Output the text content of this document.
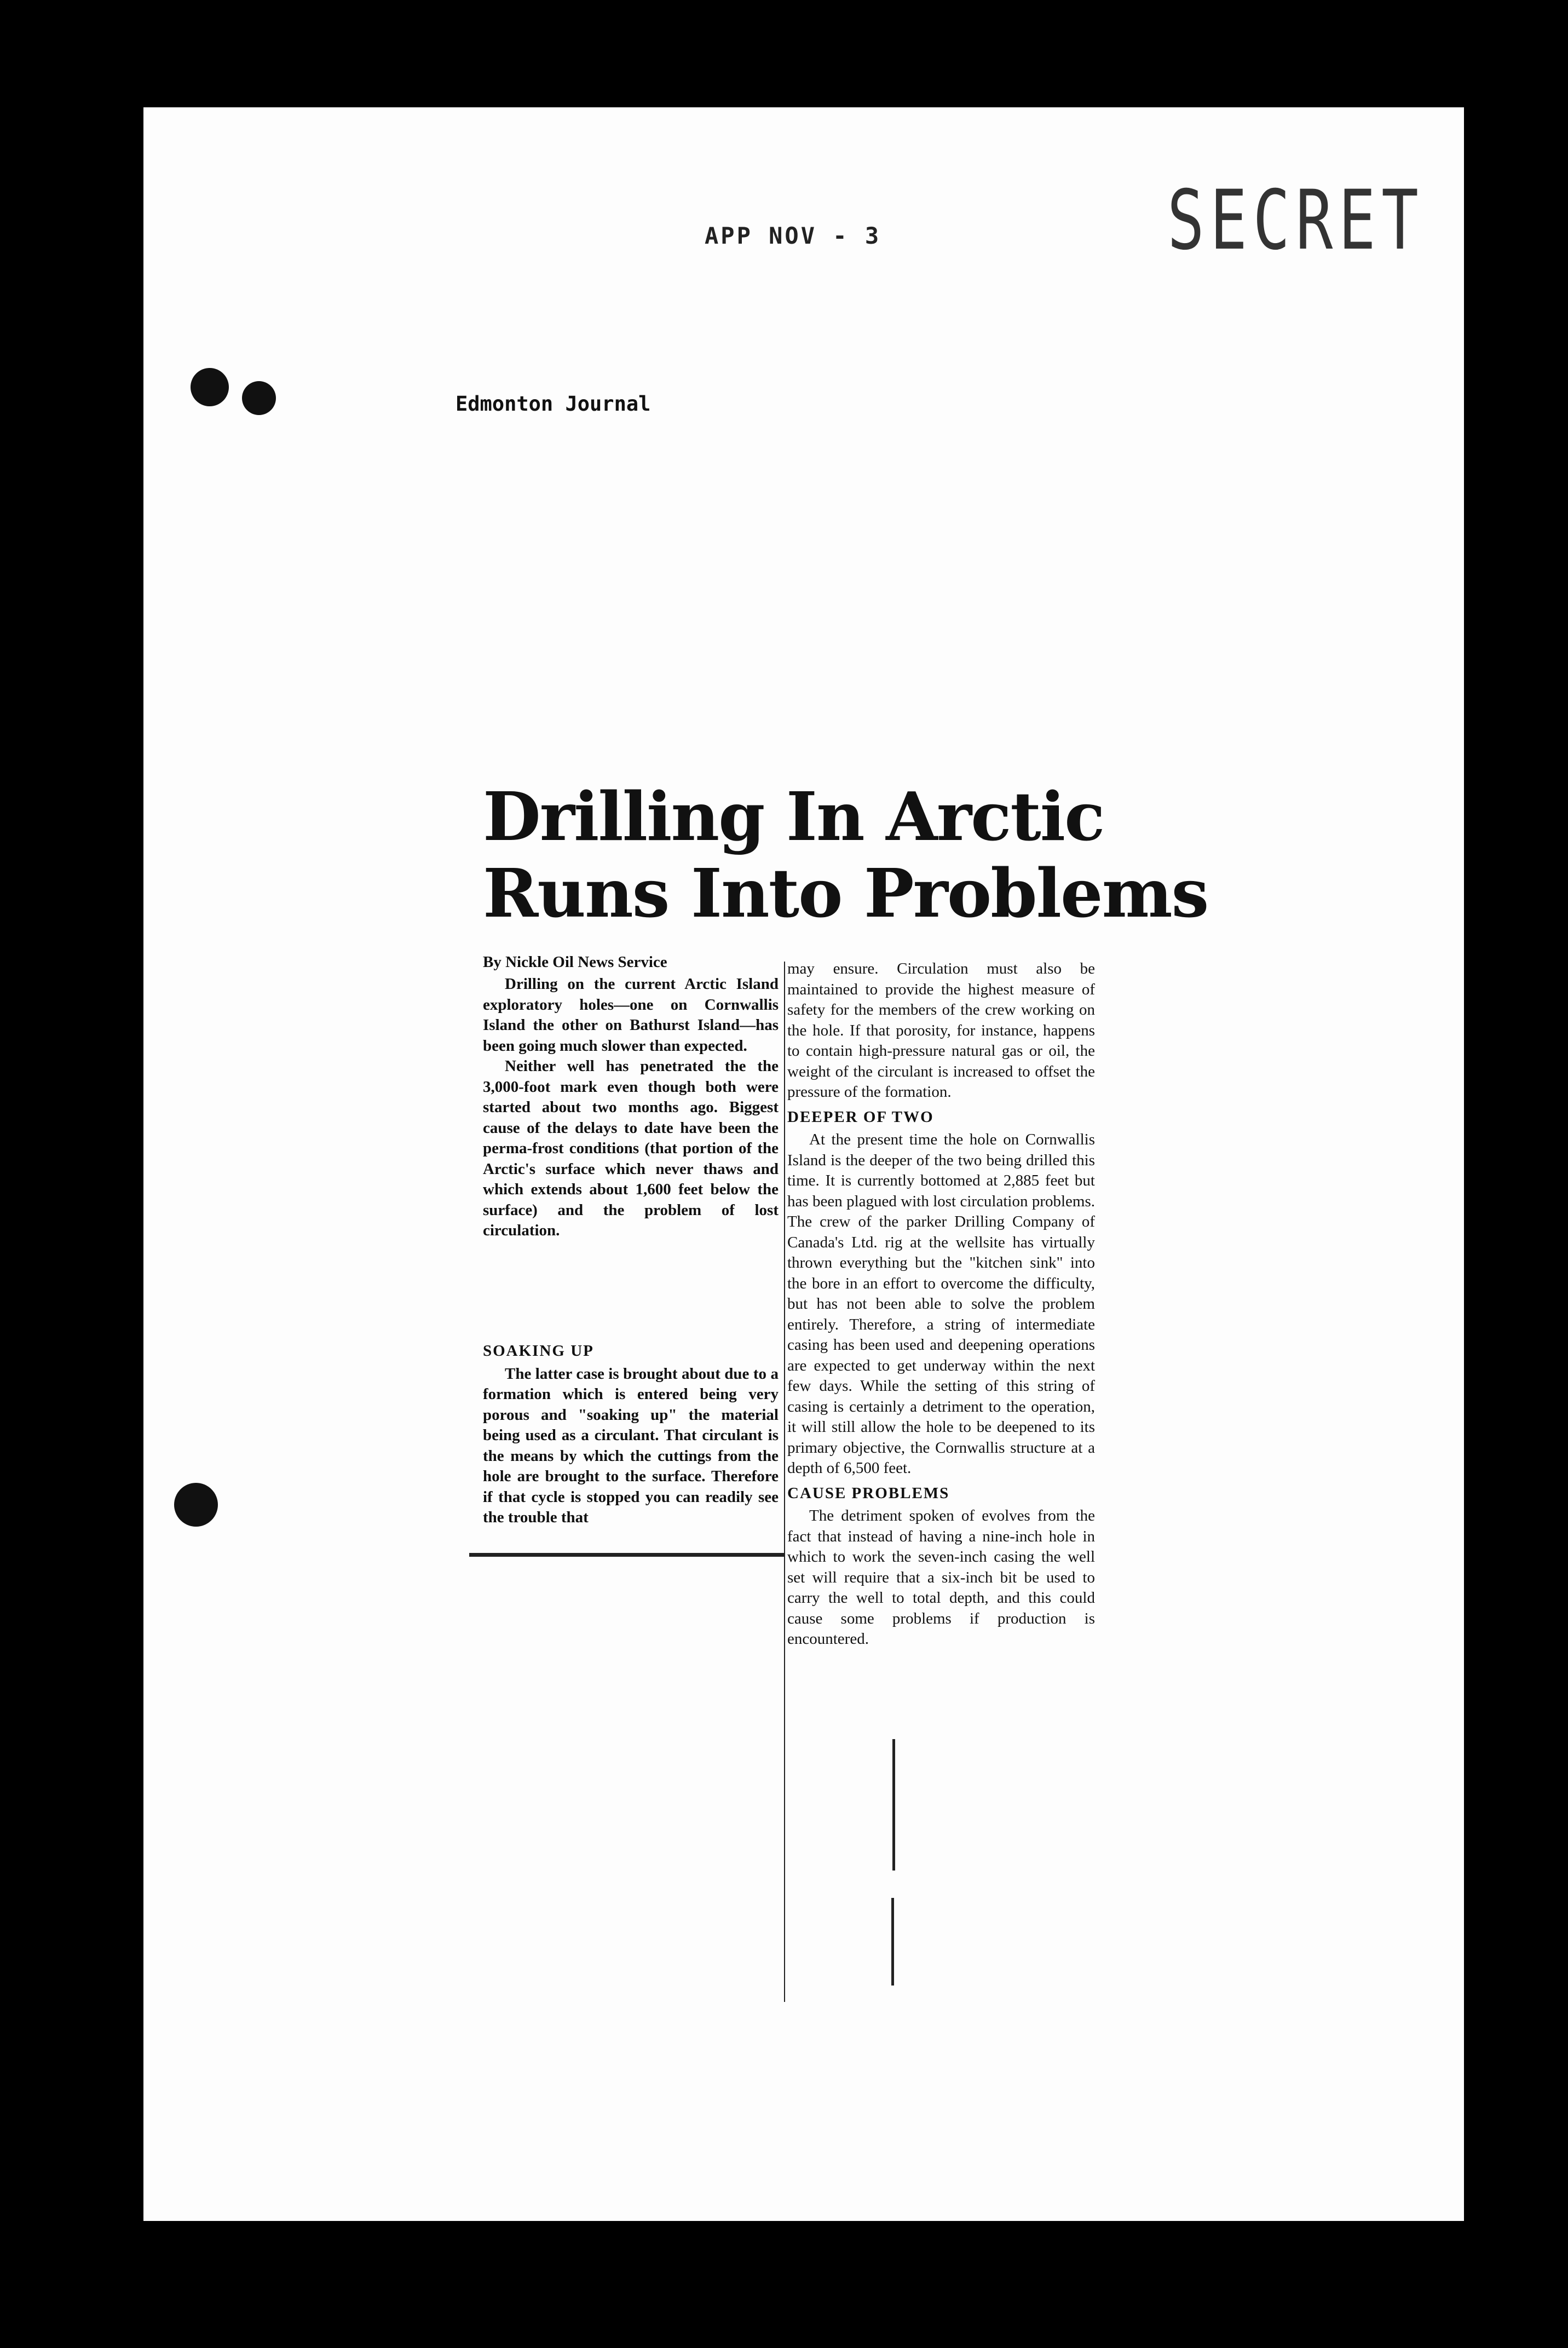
APP NOV - 3	SECRET
Edmonton Journal
Drilling In Arctic
Runs Into Problems
By Nickle Oil News Service

Drilling on the current Arctic Island exploratory holes—one on Cornwallis Island the other on Bathurst Island—has been going much slower than expected.

Neither well has penetrated the the 3,000-foot mark even though both were started about two months ago. Biggest cause of the delays to date have been the perma-frost conditions (that portion of the Arctic's surface which never thaws and which extends about 1,600 feet below the surface) and the problem of lost circulation.

SOAKING UP

The latter case is brought about due to a formation which is entered being very porous and "soaking up" the material being used as a circulant. That circulant is the means by which the cuttings from the hole are brought to the surface. Therefore if that cycle is stopped you can readily see the trouble that

may ensure. Circulation must also be maintained to provide the highest measure of safety for the members of the crew working on the hole. If that porosity, for instance, happens to contain high-pressure natural gas or oil, the weight of the circulant is increased to offset the pressure of the formation.

DEEPER OF TWO

At the present time the hole on Cornwallis Island is the deeper of the two being drilled this time. It is currently bottomed at 2,885 feet but has been plagued with lost circulation problems. The crew of the parker Drilling Company of Canada's Ltd. rig at the wellsite has virtually thrown everything but the "kitchen sink" into the bore in an effort to overcome the difficulty, but has not been able to solve the problem entirely. Therefore, a string of intermediate casing has been used and deepening operations are expected to get underway within the next few days. While the setting of this string of casing is certainly a detriment to the operation, it will still allow the hole to be deepened to its primary objective, the Cornwallis structure at a depth of 6,500 feet.

CAUSE PROBLEMS

The detriment spoken of evolves from the fact that instead of having a nine-inch hole in which to work the seven-inch casing the well set will require that a six-inch bit be used to carry the well to total depth, and this could cause some problems if production is encountered.
